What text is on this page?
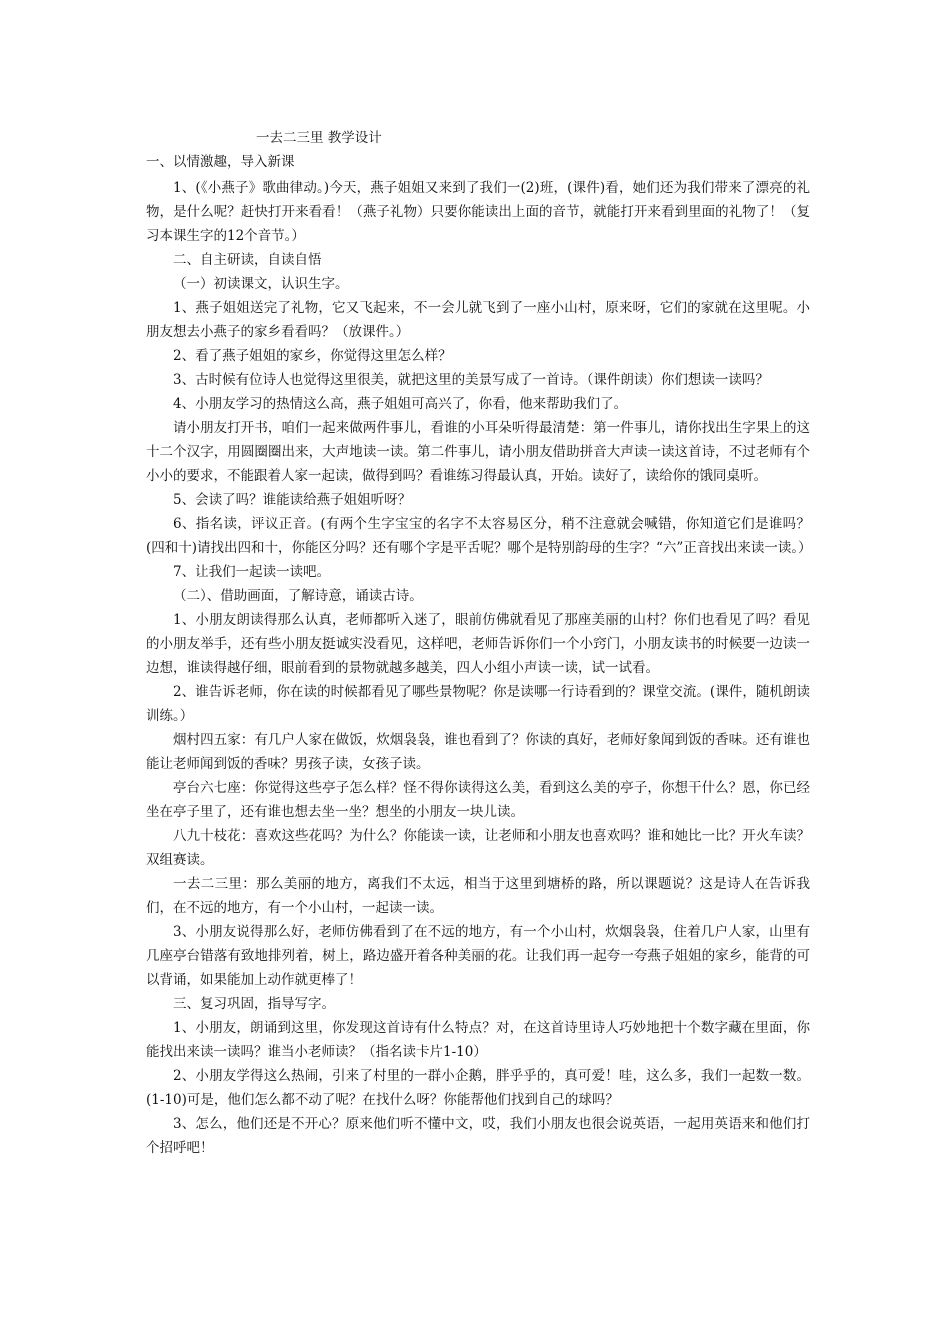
一去二三里 教学设计
一、以情激趣，导入新课

1、(《小燕子》歌曲律动。)今天，燕子姐姐又来到了我们一(2)班，(课件)看，她们还为我们带来了漂亮的礼物，是什么呢？赶快打开来看看！（燕子礼物）只要你能读出上面的音节，就能打开来看到里面的礼物了！（复习本课生字的12个音节。）

二、自主研读，自读自悟

（一）初读课文，认识生字。

1、燕子姐姐送完了礼物，它又飞起来，不一会儿就飞到了一座小山村，原来呀，它们的家就在这里呢。小朋友想去小燕子的家乡看看吗？（放课件。）

2、看了燕子姐姐的家乡，你觉得这里怎么样？

3、古时候有位诗人也觉得这里很美，就把这里的美景写成了一首诗。（课件朗读）你们想读一读吗？

4、小朋友学习的热情这么高，燕子姐姐可高兴了，你看，他来帮助我们了。

请小朋友打开书，咱们一起来做两件事儿，看谁的小耳朵听得最清楚：第一件事儿，请你找出生字果上的这十二个汉字，用圆圈圈出来，大声地读一读。第二件事儿，请小朋友借助拼音大声读一读这首诗，不过老师有个小小的要求，不能跟着人家一起读，做得到吗？看谁练习得最认真，开始。读好了，读给你的饿同桌听。

5、会读了吗？谁能读给燕子姐姐听呀？

6、指名读，评议正音。(有两个生字宝宝的名字不太容易区分，稍不注意就会喊错，你知道它们是谁吗？(四和十)请找出四和十，你能区分吗？还有哪个字是平舌呢？哪个是特别韵母的生字？“六”正音找出来读一读。）

7、让我们一起读一读吧。

（二）、借助画面，了解诗意，诵读古诗。

1、小朋友朗读得那么认真，老师都听入迷了，眼前仿佛就看见了那座美丽的山村？你们也看见了吗？看见的小朋友举手，还有些小朋友挺诚实没看见，这样吧，老师告诉你们一个小窍门，小朋友读书的时候要一边读一边想，谁读得越仔细，眼前看到的景物就越多越美，四人小组小声读一读，试一试看。

2、谁告诉老师，你在读的时候都看见了哪些景物呢？你是读哪一行诗看到的？课堂交流。(课件，随机朗读训练。）

烟村四五家：有几户人家在做饭，炊烟袅袅，谁也看到了？你读的真好，老师好象闻到饭的香味。还有谁也能让老师闻到饭的香味？男孩子读，女孩子读。

亭台六七座：你觉得这些亭子怎么样？怪不得你读得这么美，看到这么美的亭子，你想干什么？恩，你已经坐在亭子里了，还有谁也想去坐一坐？想坐的小朋友一块儿读。

八九十枝花：喜欢这些花吗？为什么？你能读一读，让老师和小朋友也喜欢吗？谁和她比一比？开火车读？双组赛读。

一去二三里：那么美丽的地方，离我们不太远，相当于这里到塘桥的路，所以课题说？这是诗人在告诉我们，在不远的地方，有一个小山村，一起读一读。

3、小朋友说得那么好，老师仿佛看到了在不远的地方，有一个小山村，炊烟袅袅，住着几户人家，山里有几座亭台错落有致地排列着，树上，路边盛开着各种美丽的花。让我们再一起夸一夸燕子姐姐的家乡，能背的可以背诵，如果能加上动作就更棒了！

三、复习巩固，指导写字。

1、小朋友，朗诵到这里，你发现这首诗有什么特点？对，在这首诗里诗人巧妙地把十个数字藏在里面，你能找出来读一读吗？谁当小老师读？（指名读卡片1-10）

2、小朋友学得这么热闹，引来了村里的一群小企鹅，胖乎乎的，真可爱！哇，这么多，我们一起数一数。(1-10)可是，他们怎么都不动了呢？在找什么呀？你能帮他们找到自己的球吗？

3、怎么，他们还是不开心？原来他们听不懂中文，哎，我们小朋友也很会说英语，一起用英语来和他们打个招呼吧！
